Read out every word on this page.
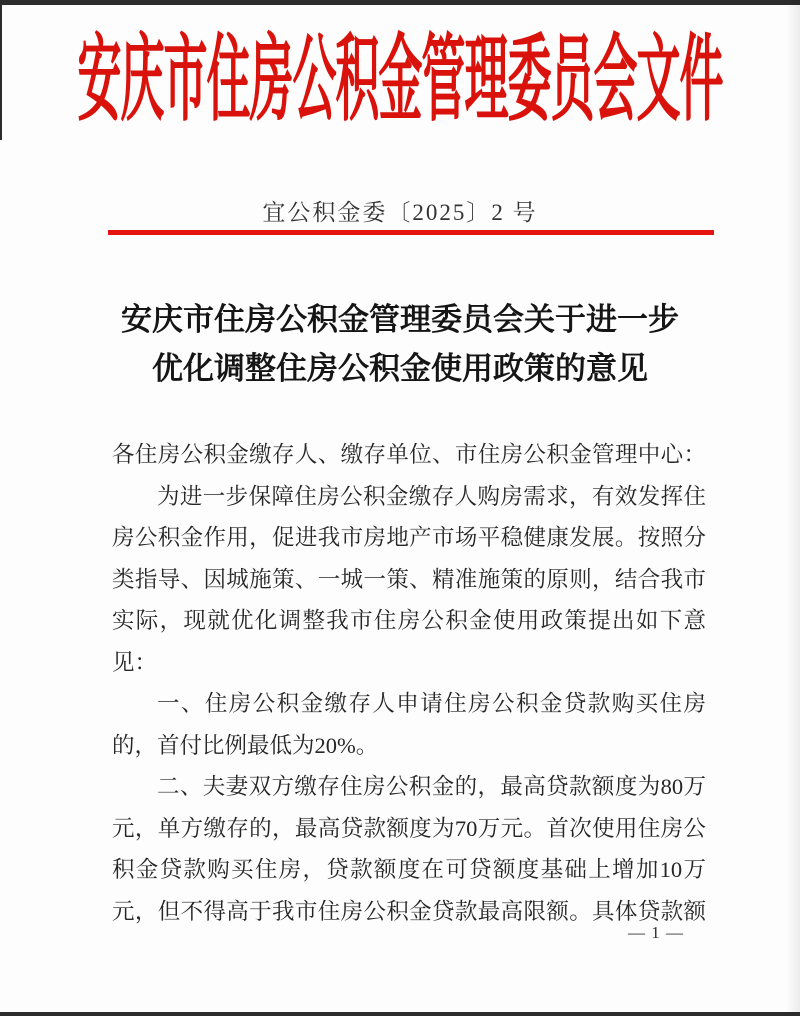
安庆市住房公积金管理委员会文件
宜公积金委〔2025〕2 号
安庆市住房公积金管理委员会关于进一步
优化调整住房公积金使用政策的意见
各住房公积金缴存人、缴存单位、市住房公积金管理中心：
为进一步保障住房公积金缴存人购房需求，有效发挥住
房公积金作用，促进我市房地产市场平稳健康发展。按照分
类指导、因城施策、一城一策、精准施策的原则，结合我市
实际，现就优化调整我市住房公积金使用政策提出如下意
见：
一、住房公积金缴存人申请住房公积金贷款购买住房
的，首付比例最低为20%。
二、夫妻双方缴存住房公积金的，最高贷款额度为80万
元，单方缴存的，最高贷款额度为70万元。首次使用住房公
积金贷款购买住房，贷款额度在可贷额度基础上增加10万
元，但不得高于我市住房公积金贷款最高限额。具体贷款额
— 1 —
